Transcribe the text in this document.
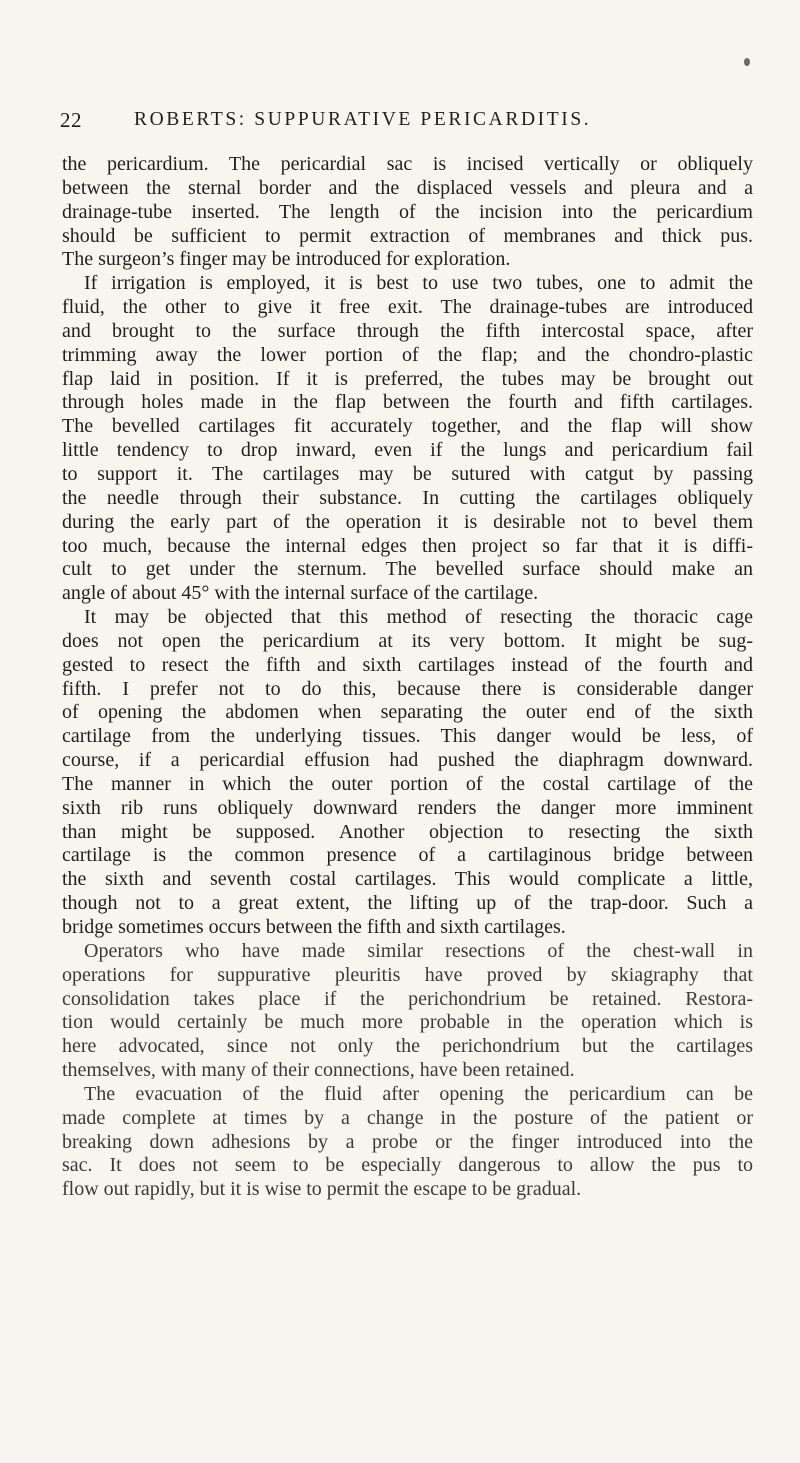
22	ROBERTS: SUPPURATIVE PERICARDITIS.
the pericardium. The pericardial sac is incised vertically or obliquely
between the sternal border and the displaced vessels and pleura and a
drainage-tube inserted. The length of the incision into the pericardium
should be sufficient to permit extraction of membranes and thick pus.
The surgeon’s finger may be introduced for exploration.
If irrigation is employed, it is best to use two tubes, one to admit the
fluid, the other to give it free exit. The drainage-tubes are introduced
and brought to the surface through the fifth intercostal space, after
trimming away the lower portion of the flap; and the chondro-plastic
flap laid in position. If it is preferred, the tubes may be brought out
through holes made in the flap between the fourth and fifth cartilages.
The bevelled cartilages fit accurately together, and the flap will show
little tendency to drop inward, even if the lungs and pericardium fail
to support it. The cartilages may be sutured with catgut by passing
the needle through their substance. In cutting the cartilages obliquely
during the early part of the operation it is desirable not to bevel them
too much, because the internal edges then project so far that it is diffi-
cult to get under the sternum. The bevelled surface should make an
angle of about 45° with the internal surface of the cartilage.
It may be objected that this method of resecting the thoracic cage
does not open the pericardium at its very bottom. It might be sug-
gested to resect the fifth and sixth cartilages instead of the fourth and
fifth. I prefer not to do this, because there is considerable danger
of opening the abdomen when separating the outer end of the sixth
cartilage from the underlying tissues. This danger would be less, of
course, if a pericardial effusion had pushed the diaphragm downward.
The manner in which the outer portion of the costal cartilage of the
sixth rib runs obliquely downward renders the danger more imminent
than might be supposed. Another objection to resecting the sixth
cartilage is the common presence of a cartilaginous bridge between
the sixth and seventh costal cartilages. This would complicate a little,
though not to a great extent, the lifting up of the trap-door. Such a
bridge sometimes occurs between the fifth and sixth cartilages.
Operators who have made similar resections of the chest-wall in
operations for suppurative pleuritis have proved by skiagraphy that
consolidation takes place if the perichondrium be retained. Restora-
tion would certainly be much more probable in the operation which is
here advocated, since not only the perichondrium but the cartilages
themselves, with many of their connections, have been retained.
The evacuation of the fluid after opening the pericardium can be
made complete at times by a change in the posture of the patient or
breaking down adhesions by a probe or the finger introduced into the
sac. It does not seem to be especially dangerous to allow the pus to
flow out rapidly, but it is wise to permit the escape to be gradual.
